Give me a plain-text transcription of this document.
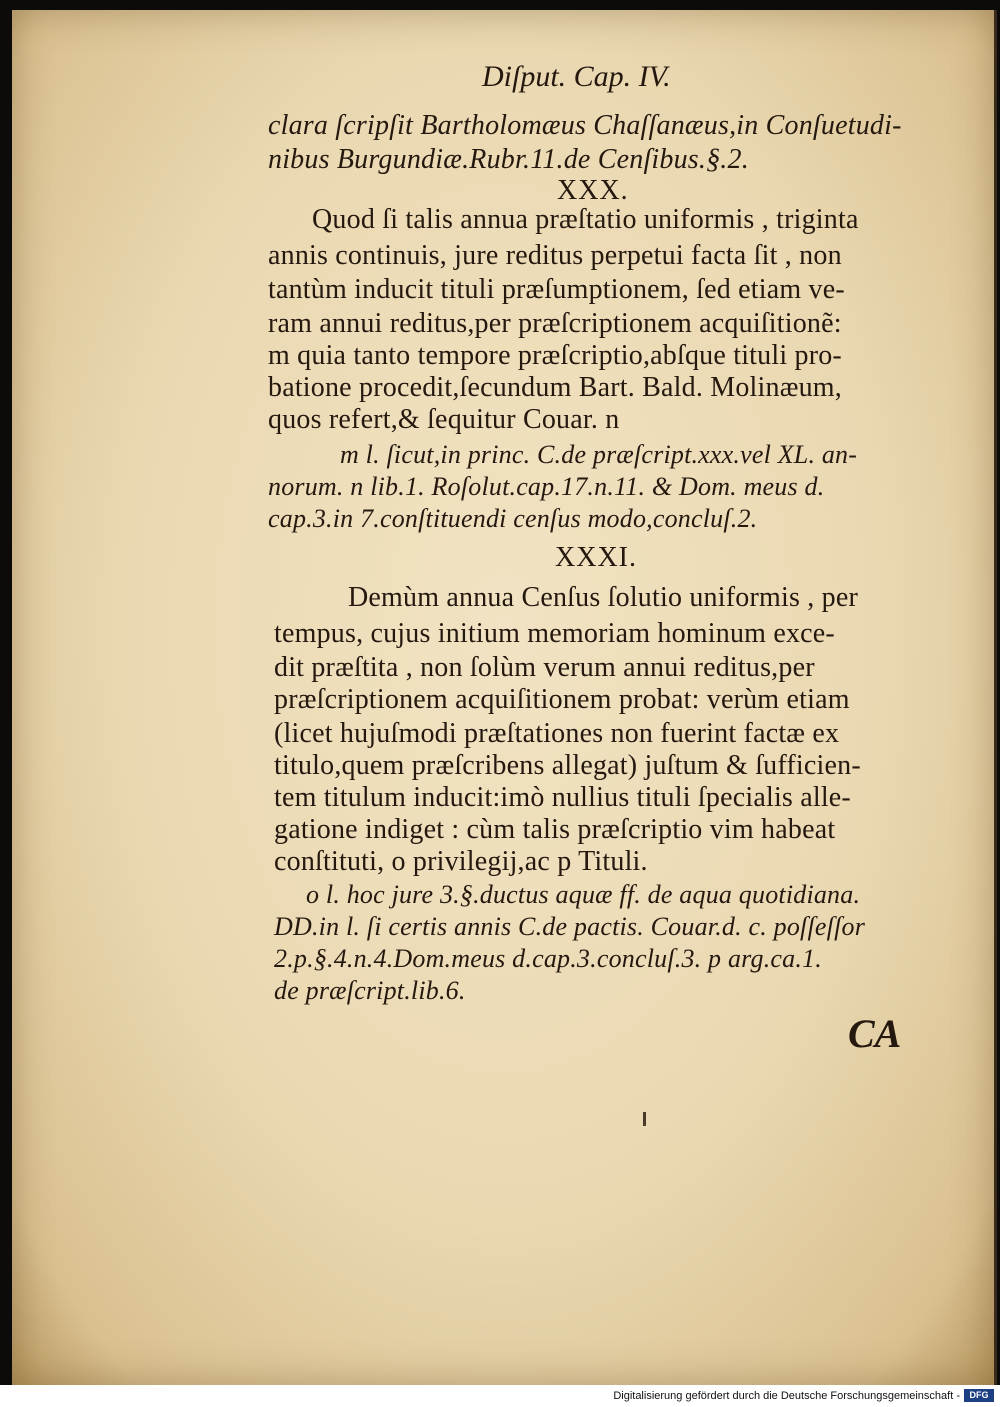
Diſput. Cap. IV.
clara ſcripſit Bartholomæus Chaſſanæus,in Conſuetudi-
nibus Burgundiæ.Rubr.11.de Cenſibus.§.2.
XXX.
Quod ſi talis annua præſtatio uniformis , triginta
annis continuis, jure reditus perpetui facta ſit , non
tantùm inducit tituli præſumptionem, ſed etiam ve-
ram annui reditus,per præſcriptionem acquiſitionẽ:
m quia tanto tempore præſcriptio,abſque tituli pro-
batione procedit,ſecundum Bart. Bald. Molinæum,
quos refert,& ſequitur Couar. n
m l. ſicut,in princ. C.de præſcript.xxx.vel XL. an-
norum. n lib.1. Roſolut.cap.17.n.11. & Dom. meus d.
cap.3.in 7.conſtituendi cenſus modo,concluſ.2.
XXXI.
Demùm annua Cenſus ſolutio uniformis , per
tempus, cujus initium memoriam hominum exce-
dit præſtita , non ſolùm verum annui reditus,per
præſcriptionem acquiſitionem probat: verùm etiam
(licet hujuſmodi præſtationes non fuerint factæ ex
titulo,quem præſcribens allegat) juſtum & ſufficien-
tem titulum inducit:imò nullius tituli ſpecialis alle-
gatione indiget : cùm talis præſcriptio vim habeat
conſtituti, o privilegij,ac p Tituli.
o l. hoc jure 3.§.ductus aquæ ff. de aqua quotidiana.
DD.in l. ſi certis annis C.de pactis. Couar.d. c. poſſeſſor
2.p.§.4.n.4.Dom.meus d.cap.3.concluſ.3. p arg.ca.1.
de præſcript.lib.6.
CA
Digitalisierung gefördert durch die Deutsche Forschungsgemeinschaft -	DFG
